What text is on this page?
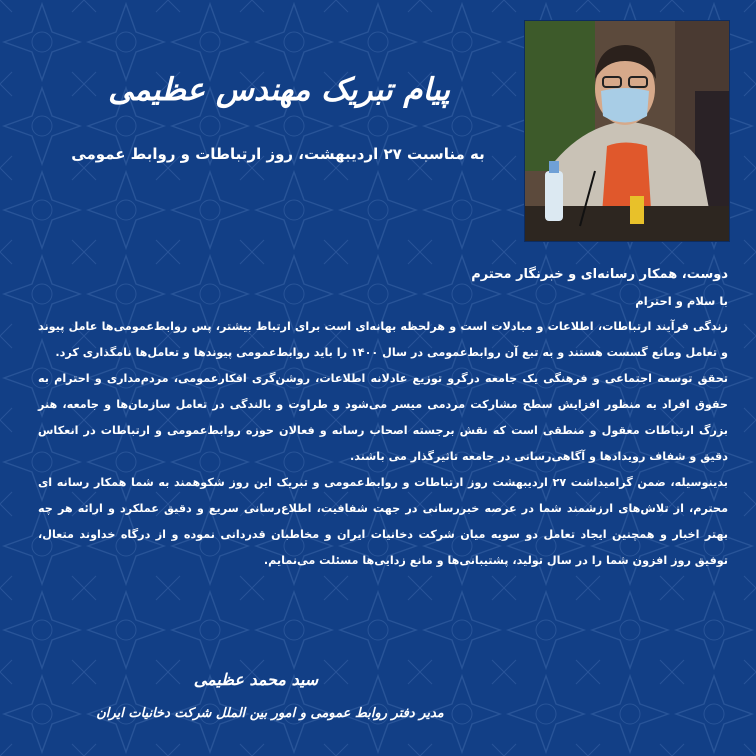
پیام تبریک مهندس عظیمی
به مناسبت ۲۷ اردیبهشت، روز ارتباطات و روابط عمومی

دوست، همکار رسانه‌ای و خبرنگار محترم

با سلام و احترام

زندگی فرآیند ارتباطات، اطلاعات و مبادلات است و هرلحظه بهانه‌ای است برای ارتباط بیشتر، پس روابط‌عمومی‌ها عامل پیوند و تعامل ومانع گسست هستند و به تبع آن روابط‌عمومی در سال ۱۴۰۰ را باید روابط‌عمومی پیوندها و تعامل‌ها نامگذاری کرد.

تحقق توسعه اجتماعی و فرهنگی یک جامعه درگرو توزیع عادلانه اطلاعات، روشن‌گری افکارعمومی، مردم‌مداری و احترام به حقوق افراد به منظور افزایش سطح مشارکت مردمی میسر می‌شود و طراوت و بالندگی در تعامل سازمان‌ها و جامعه، هنر بزرگ ارتباطات معقول و منطقی است که نقش برجسته اصحاب رسانه و فعالان حوزه روابط‌عمومی و ارتباطات در انعکاس دقیق و شفاف رویدادها و آگاهی‌رسانی در جامعه تاثیرگذار می باشند.

بدینوسیله، ضمن گرامیداشت ۲۷ اردیبهشت روز ارتباطات و روابط‌عمومی و تبریک این روز شکوهمند به شما همکار رسانه ای محترم، از تلاش‌های ارزشمند شما در عرصه خبررسانی در جهت شفافیت، اطلاع‌رسانی سریع و دقیق عملکرد و ارائه هر چه بهتر اخبار و همچنین ایجاد تعامل دو سویه میان شرکت دخانیات ایران و مخاطبان قدردانی نموده و از درگاه خداوند متعال، توفیق روز افزون شما را در سال تولید، پشتیبانی‌ها و مانع زدایی‌ها مسئلت می‌نمایم.

سید محمد عظیمی
مدیر دفتر روابط عمومی و امور بین الملل شرکت دخانیات ایران
